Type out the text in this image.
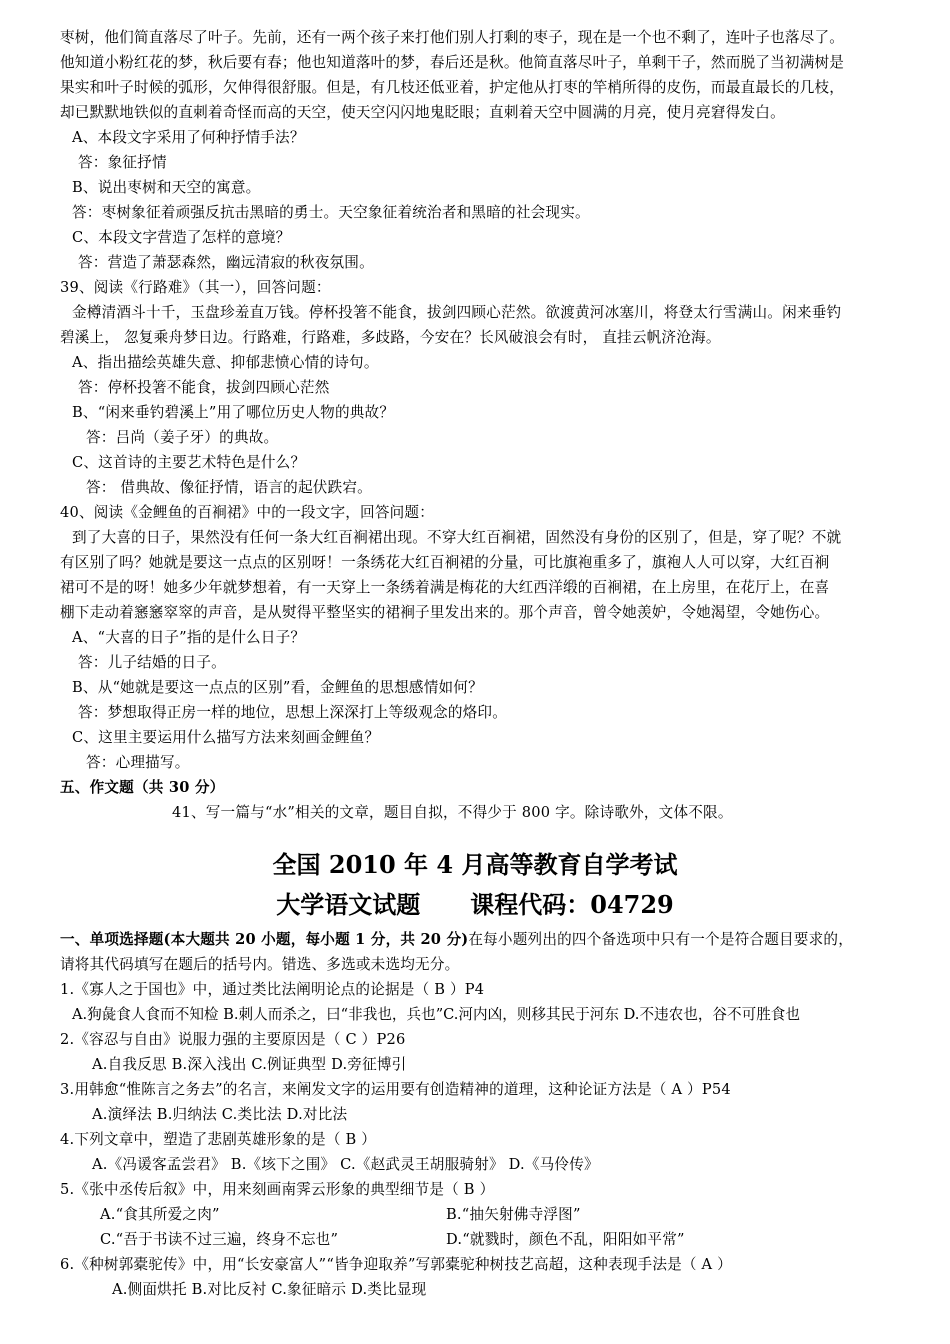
枣树，他们简直落尽了叶子。先前，还有一两个孩子来打他们别人打剩的枣子，现在是一个也不剩了，连叶子也落尽了。
他知道小粉红花的梦，秋后要有春；他也知道落叶的梦，春后还是秋。他简直落尽叶子，单剩干子，然而脱了当初满树是
果实和叶子时候的弧形，欠伸得很舒服。但是，有几枝还低亚着，护定他从打枣的竿梢所得的皮伤，而最直最长的几枝，
却已默默地铁似的直刺着奇怪而高的天空，使天空闪闪地鬼眨眼；直刺着天空中圆满的月亮，使月亮窘得发白。
A、本段文字采用了何种抒情手法？
答：象征抒情
B、说出枣树和天空的寓意。
答：枣树象征着顽强反抗击黑暗的勇士。天空象征着统治者和黑暗的社会现实。
C、本段文字营造了怎样的意境？
答：营造了萧瑟森然，幽远清寂的秋夜氛围。
39、阅读《行路难》（其一），回答问题：
金樽清酒斗十千，玉盘珍羞直万钱。停杯投箸不能食，拔剑四顾心茫然。欲渡黄河冰塞川，将登太行雪满山。闲来垂钓
碧溪上， 忽复乘舟梦日边。行路难，行路难，多歧路，今安在？长风破浪会有时， 直挂云帆济沧海。
A、指出描绘英雄失意、抑郁悲愤心情的诗句。
答：停杯投箸不能食，拔剑四顾心茫然
B、“闲来垂钓碧溪上”用了哪位历史人物的典故？
答：吕尚（姜子牙）的典故。
C、这首诗的主要艺术特色是什么？
答： 借典故、像征抒情，语言的起伏跌宕。
40、阅读《金鲤鱼的百裥裙》中的一段文字，回答问题：
到了大喜的日子，果然没有任何一条大红百裥裙出现。不穿大红百裥裙，固然没有身份的区别了，但是，穿了呢？不就
有区别了吗？她就是要这一点点的区别呀！一条绣花大红百裥裙的分量，可比旗袍重多了，旗袍人人可以穿，大红百裥
裙可不是的呀！她多少年就梦想着，有一天穿上一条绣着满是梅花的大红西洋缎的百裥裙，在上房里，在花厅上，在喜
棚下走动着窸窸窣窣的声音，是从熨得平整坚实的裙裥子里发出来的。那个声音，曾令她羡妒，令她渴望，令她伤心。
A、“大喜的日子”指的是什么日子？
答：儿子结婚的日子。
B、从“她就是要这一点点的区别”看，金鲤鱼的思想感情如何？
答：梦想取得正房一样的地位，思想上深深打上等级观念的烙印。
C、这里主要运用什么描写方法来刻画金鲤鱼？
答：心理描写。
五、作文题（共 30 分）
41、写一篇与“水”相关的文章，题目自拟，不得少于 800 字。除诗歌外，文体不限。
全国 2010 年 4 月高等教育自学考试
大学语文试题 课程代码：04729
一、单项选择题(本大题共 20 小题，每小题 1 分，共 20 分)在每小题列出的四个备选项中只有一个是符合题目要求的，
请将其代码填写在题后的括号内。错选、多选或未选均无分。
1.《寡人之于国也》中，通过类比法阐明论点的论据是（ B ）P4
A.狗彘食人食而不知检 B.刺人而杀之，曰“非我也，兵也”C.河内凶，则移其民于河东 D.不违农也，谷不可胜食也
2.《容忍与自由》说服力强的主要原因是（ C ）P26
A.自我反思 B.深入浅出 C.例证典型 D.旁征博引
3.用韩愈“惟陈言之务去”的名言，来阐发文字的运用要有创造精神的道理，这种论证方法是（ A ）P54
A.演绎法 B.归纳法 C.类比法 D.对比法
4.下列文章中，塑造了悲剧英雄形象的是（ B ）
A.《冯谖客孟尝君》 B.《垓下之围》 C.《赵武灵王胡服骑射》 D.《马伶传》
5.《张中丞传后叙》中，用来刻画南霁云形象的典型细节是（ B ）
A.“食其所爱之肉”	B.“抽矢射佛寺浮图”
C.“吾于书读不过三遍，终身不忘也”	D.“就戮时，颜色不乱，阳阳如平常”
6.《种树郭橐驼传》中，用“长安豪富人”“皆争迎取养”写郭橐驼种树技艺高超，这种表现手法是（ A ）
A.侧面烘托 B.对比反衬 C.象征暗示 D.类比显现
